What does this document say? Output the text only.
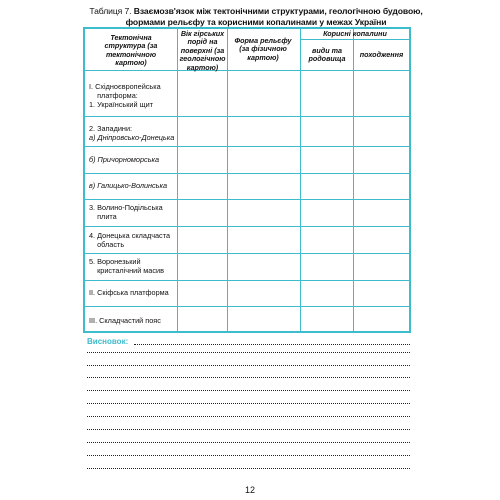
Таблиця 7. Взаємозв'язок між тектонічними структурами, геологічною будовою, формами рельєфу та корисними копалинами у межах України
Тектонічна структура (за тектонічною картою)
Вік гірських порід на поверхні (за геологічною картою)
Форма рельєфу (за фізичною картою)
Корисні копалини
види та родовища	походження
I. Східноєвропейська
платформа:
1. Український щит
2. Западини:
а) Дніпровсько-Донецька
б) Причорноморська
в) Галицько-Волинська
3. Волино-Подільська
плита
4. Донецька складчаста
область
5. Воронезький
кристалічний масив
II. Скіфська платформа
III. Складчастий пояс
Висновок:
12
